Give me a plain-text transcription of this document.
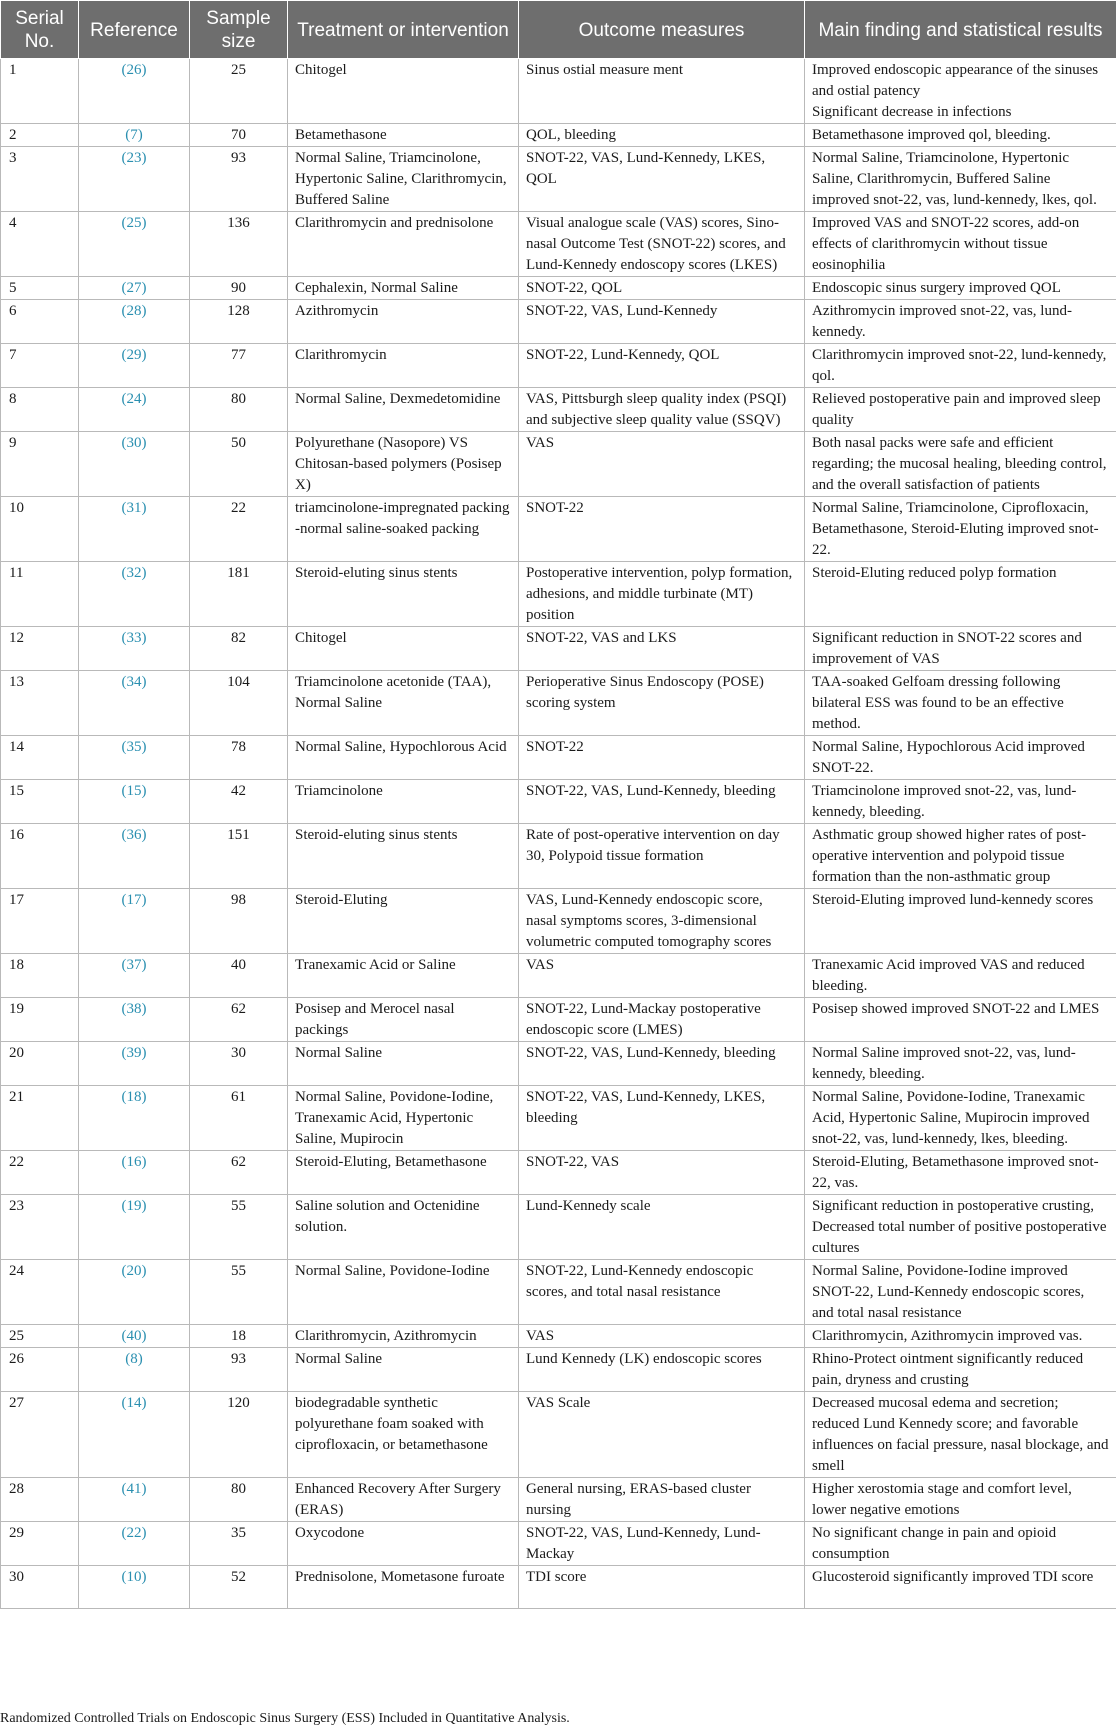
Serial No.	Reference	Sample size	Treatment or intervention	Outcome measures	Main finding and statistical results
1	(26)	25	Chitogel	Sinus ostial measure ment	Improved endoscopic appearance of the sinuses and ostial patency
Significant decrease in infections

2	(7)	70	Betamethasone	QOL, bleeding	Betamethasone improved qol, bleeding.

3	(23)	93	Normal Saline, Triamcinolone, Hypertonic Saline, Clarithromycin, Buffered Saline	SNOT-22, VAS, Lund-Kennedy, LKES, QOL	Normal Saline, Triamcinolone, Hypertonic Saline, Clarithromycin, Buffered Saline improved snot-22, vas, lund-kennedy, lkes, qol.

4	(25)	136	Clarithromycin and prednisolone	Visual analogue scale (VAS) scores, Sino-nasal Outcome Test (SNOT-22) scores, and Lund-Kennedy endoscopy scores (LKES)	Improved VAS and SNOT-22 scores, add-on effects of clarithromycin without tissue eosinophilia

5	(27)	90	Cephalexin, Normal Saline	SNOT-22, QOL	Endoscopic sinus surgery improved QOL

6	(28)	128	Azithromycin	SNOT-22, VAS, Lund-Kennedy	Azithromycin improved snot-22, vas, lund-kennedy.

7	(29)	77	Clarithromycin	SNOT-22, Lund-Kennedy, QOL	Clarithromycin improved snot-22, lund-kennedy, qol.

8	(24)	80	Normal Saline, Dexmedetomidine	VAS, Pittsburgh sleep quality index (PSQI) and subjective sleep quality value (SSQV)	Relieved postoperative pain and improved sleep quality

9	(30)	50	Polyurethane (Nasopore) VS Chitosan-based polymers (Posisep X)	VAS	Both nasal packs were safe and efficient regarding; the mucosal healing, bleeding control, and the overall satisfaction of patients

10	(31)	22	triamcinolone-impregnated packing
-normal saline-soaked packing	SNOT-22	Normal Saline, Triamcinolone, Ciprofloxacin, Betamethasone, Steroid-Eluting improved snot-22.

11	(32)	181	Steroid-eluting sinus stents	Postoperative intervention, polyp formation, adhesions, and middle turbinate (MT) position	Steroid-Eluting reduced polyp formation

12	(33)	82	Chitogel	SNOT-22, VAS and LKS	Significant reduction in SNOT-22 scores and improvement of VAS

13	(34)	104	Triamcinolone acetonide (TAA), Normal Saline	Perioperative Sinus Endoscopy (POSE) scoring system	TAA-soaked Gelfoam dressing following bilateral ESS was found to be an effective method.

14	(35)	78	Normal Saline, Hypochlorous Acid	SNOT-22	Normal Saline, Hypochlorous Acid improved SNOT-22.

15	(15)	42	Triamcinolone	SNOT-22, VAS, Lund-Kennedy, bleeding	Triamcinolone improved snot-22, vas, lund-kennedy, bleeding.

16	(36)	151	Steroid-eluting sinus stents	Rate of post-operative intervention on day 30, Polypoid tissue formation	Asthmatic group showed higher rates of post-operative intervention and polypoid tissue formation than the non-asthmatic group

17	(17)	98	Steroid-Eluting	VAS, Lund-Kennedy endoscopic score, nasal symptoms scores, 3-dimensional volumetric computed tomography scores	Steroid-Eluting improved lund-kennedy scores

18	(37)	40	Tranexamic Acid or Saline	VAS	Tranexamic Acid improved VAS and reduced bleeding.

19	(38)	62	Posisep and Merocel nasal packings	SNOT-22, Lund-Mackay postoperative endoscopic score (LMES)	Posisep showed improved SNOT-22 and LMES

20	(39)	30	Normal Saline	SNOT-22, VAS, Lund-Kennedy, bleeding	Normal Saline improved snot-22, vas, lund-kennedy, bleeding.

21	(18)	61	Normal Saline, Povidone-Iodine, Tranexamic Acid, Hypertonic Saline, Mupirocin	SNOT-22, VAS, Lund-Kennedy, LKES, bleeding	Normal Saline, Povidone-Iodine, Tranexamic Acid, Hypertonic Saline, Mupirocin improved snot-22, vas, lund-kennedy, lkes, bleeding.

22	(16)	62	Steroid-Eluting, Betamethasone	SNOT-22, VAS	Steroid-Eluting, Betamethasone improved snot-22, vas.

23	(19)	55	Saline solution and Octenidine solution.	Lund-Kennedy scale	Significant reduction in postoperative crusting, Decreased total number of positive postoperative cultures

24	(20)	55	Normal Saline, Povidone-Iodine	SNOT-22, Lund-Kennedy endoscopic scores, and total nasal resistance	Normal Saline, Povidone-Iodine improved SNOT-22, Lund-Kennedy endoscopic scores, and total nasal resistance

25	(40)	18	Clarithromycin, Azithromycin	VAS	Clarithromycin, Azithromycin improved vas.

26	(8)	93	Normal Saline	Lund Kennedy (LK) endoscopic scores	Rhino-Protect ointment significantly reduced pain, dryness and crusting

27	(14)	120	biodegradable synthetic polyurethane foam soaked with ciprofloxacin, or betamethasone	VAS Scale	Decreased mucosal edema and secretion; reduced Lund Kennedy score; and favorable influences on facial pressure, nasal blockage, and smell

28	(41)	80	Enhanced Recovery After Surgery (ERAS)	General nursing, ERAS-based cluster nursing	Higher xerostomia stage and comfort level, lower negative emotions

29	(22)	35	Oxycodone	SNOT-22, VAS, Lund-Kennedy, Lund-Mackay	No significant change in pain and opioid consumption

30	(10)	52	Prednisolone, Mometasone furoate	TDI score	Glucosteroid significantly improved TDI score
Randomized Controlled Trials on Endoscopic Sinus Surgery (ESS) Included in Quantitative Analysis.
